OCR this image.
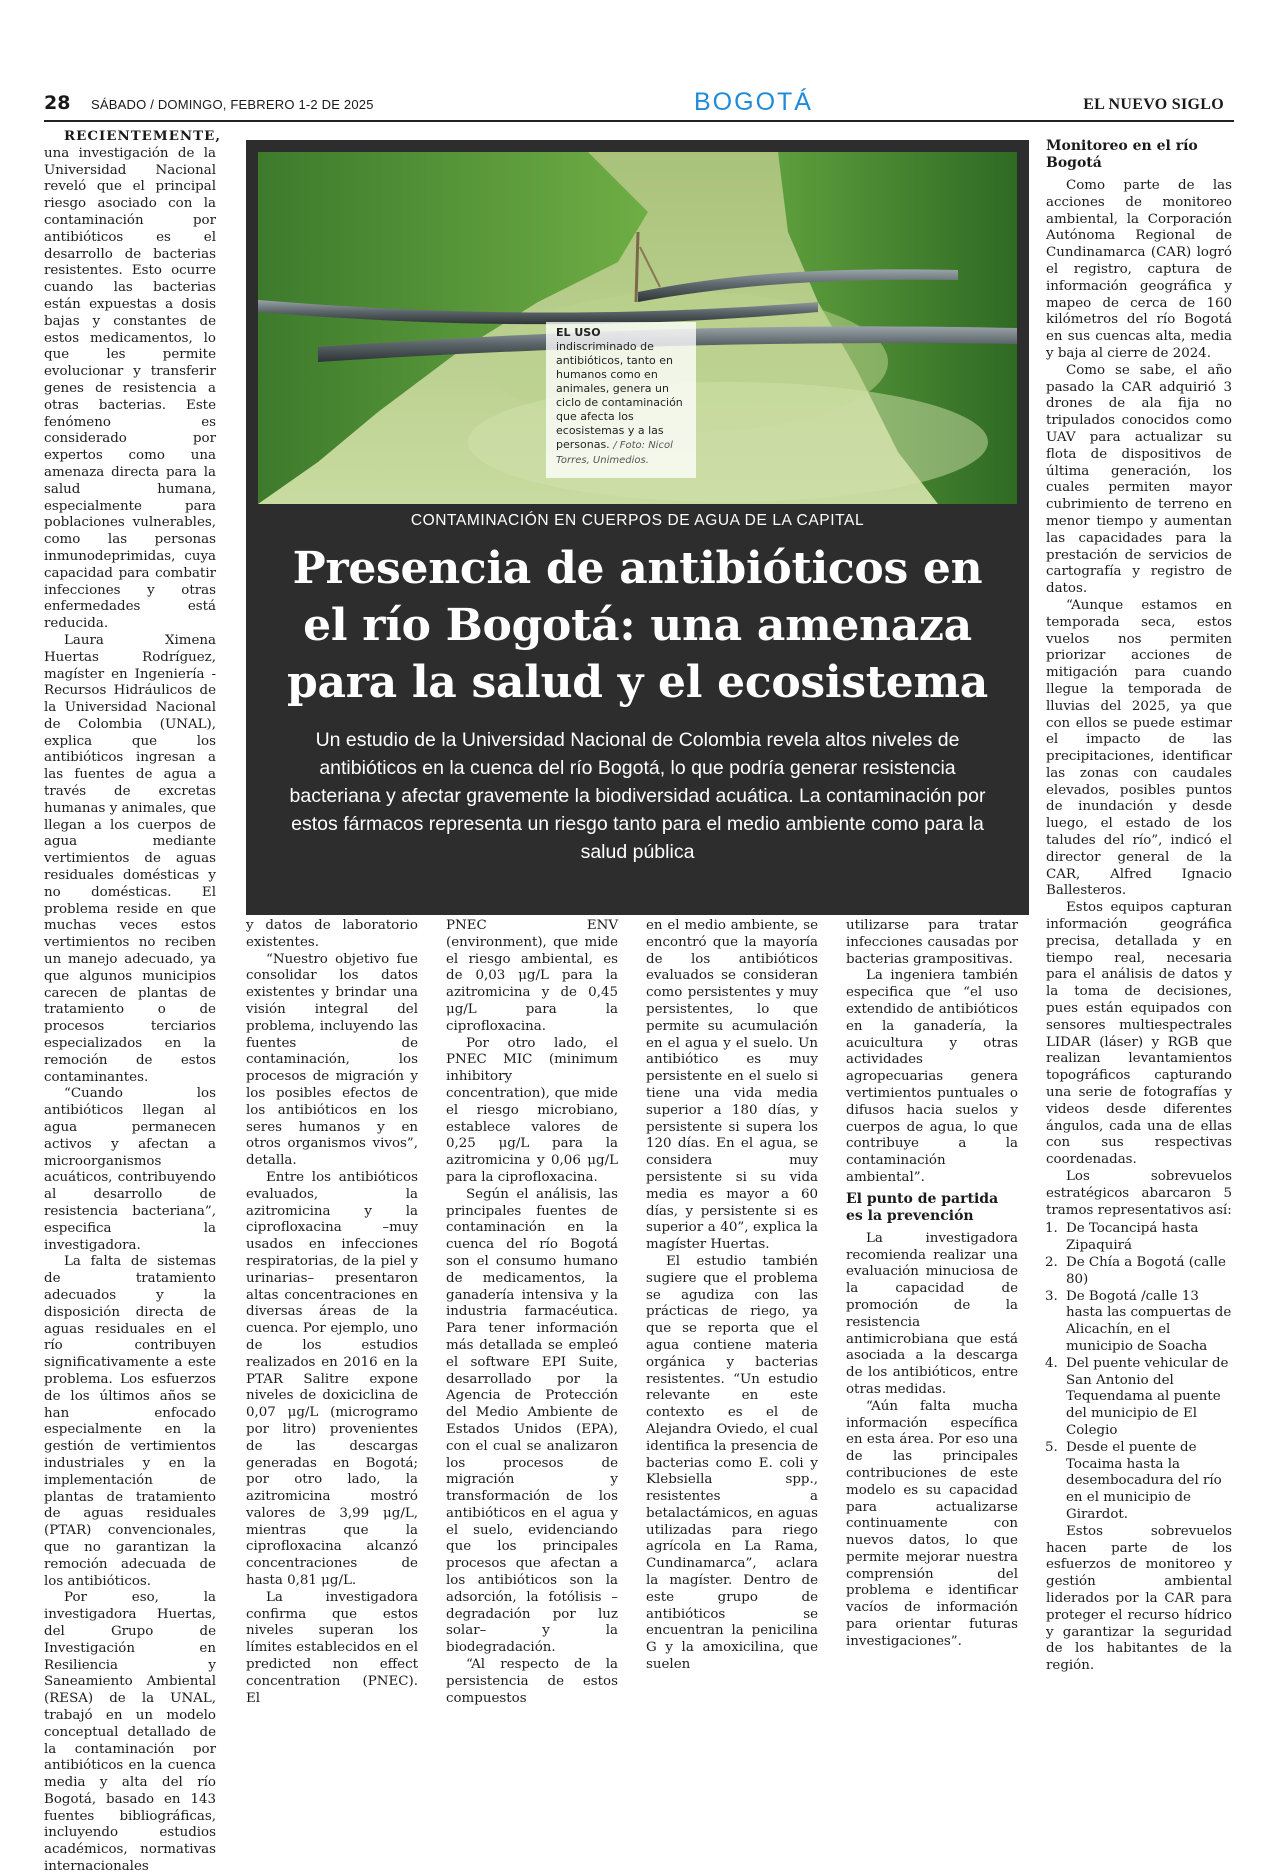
28 SÁBADO / DOMINGO, FEBRERO 1-2 DE 2025	BOGOTÁ	EL NUEVO SIGLO

RECIENTEMENTE, una investigación de la Universidad Nacional reveló que el principal riesgo asociado con la contaminación por antibióticos es el desarrollo de bacterias resistentes. Esto ocurre cuando las bacterias están expuestas a dosis bajas y constantes de estos medicamentos, lo que les permite evolucionar y transferir genes de resistencia a otras bacterias. Este fenómeno es considerado por expertos como una amenaza directa para la salud humana, especialmente para poblaciones vulnerables, como las personas inmunodeprimidas, cuya capacidad para combatir infecciones y otras enfermedades está reducida.

Laura Ximena Huertas Rodríguez, magíster en Ingeniería - Recursos Hidráulicos de la Universidad Nacional de Colombia (UNAL), explica que los antibióticos ingresan a las fuentes de agua a través de excretas humanas y animales, que llegan a los cuerpos de agua mediante vertimientos de aguas residuales domésticas y no domésticas. El problema reside en que muchas veces estos vertimientos no reciben un manejo adecuado, ya que algunos municipios carecen de plantas de tratamiento o de procesos terciarios especializados en la remoción de estos contaminantes.

“Cuando los antibióticos llegan al agua permanecen activos y afectan a microorganismos acuáticos, contribuyendo al desarrollo de resistencia bacteriana”, especifica la investigadora.

La falta de sistemas de tratamiento adecuados y la disposición directa de aguas residuales en el río contribuyen significativamente a este problema. Los esfuerzos de los últimos años se han enfocado especialmente en la gestión de vertimientos industriales y en la implementación de plantas de tratamiento de aguas residuales (PTAR) convencionales, que no garantizan la remoción adecuada de los antibióticos.

Por eso, la investigadora Huertas, del Grupo de Investigación en Resiliencia y Saneamiento Ambiental (RESA) de la UNAL, trabajó en un modelo conceptual detallado de la contaminación por antibióticos en la cuenca media y alta del río Bogotá, basado en 143 fuentes bibliográficas, incluyendo estudios académicos, normativas internacionales

EL USO
indiscriminado de antibióticos, tanto en humanos como en animales, genera un ciclo de contaminación que afecta los ecosistemas y a las personas. / Foto: Nicol Torres, Unimedios.
CONTAMINACIÓN EN CUERPOS DE AGUA DE LA CAPITAL
Presencia de antibióticos en el río Bogotá: una amenaza para la salud y el ecosistema
Un estudio de la Universidad Nacional de Colombia revela altos niveles de antibióticos en la cuenca del río Bogotá, lo que podría generar resistencia bacteriana y afectar gravemente la biodiversidad acuática. La contaminación por estos fármacos representa un riesgo tanto para el medio ambiente como para la salud pública

y datos de laboratorio existentes.

“Nuestro objetivo fue consolidar los datos existentes y brindar una visión integral del problema, incluyendo las fuentes de contaminación, los procesos de migración y los posibles efectos de los antibióticos en los seres humanos y en otros organismos vivos”, detalla.

Entre los antibióticos evaluados, la azitromicina y la ciprofloxacina –muy usados en infecciones respiratorias, de la piel y urinarias– presentaron altas concentraciones en diversas áreas de la cuenca. Por ejemplo, uno de los estudios realizados en 2016 en la PTAR Salitre expone niveles de doxiciclina de 0,07 μg/L (microgramo por litro) provenientes de las descargas generadas en Bogotá; por otro lado, la azitromicina mostró valores de 3,99 μg/L, mientras que la ciprofloxacina alcanzó concentraciones de hasta 0,81 μg/L.

La investigadora confirma que estos niveles superan los límites establecidos en el predicted non effect concentration (PNEC). El

PNEC ENV (environment), que mide el riesgo ambiental, es de 0,03 μg/L para la azitromicina y de 0,45 μg/L para la ciprofloxacina.

Por otro lado, el PNEC MIC (minimum inhibitory concentration), que mide el riesgo microbiano, establece valores de 0,25 μg/L para la azitromicina y 0,06 μg/L para la ciprofloxacina.

Según el análisis, las principales fuentes de contaminación en la cuenca del río Bogotá son el consumo humano de medicamentos, la ganadería intensiva y la industria farmacéutica. Para tener información más detallada se empleó el software EPI Suite, desarrollado por la Agencia de Protección del Medio Ambiente de Estados Unidos (EPA), con el cual se analizaron los procesos de migración y transformación de los antibióticos en el agua y el suelo, evidenciando que los principales procesos que afectan a los antibióticos son la adsorción, la fotólisis –degradación por luz solar– y la biodegradación.

“Al respecto de la persistencia de estos compuestos

en el medio ambiente, se encontró que la mayoría de los antibióticos evaluados se consideran como persistentes y muy persistentes, lo que permite su acumulación en el agua y el suelo. Un antibiótico es muy persistente en el suelo si tiene una vida media superior a 180 días, y persistente si supera los 120 días. En el agua, se considera muy persistente si su vida media es mayor a 60 días, y persistente si es superior a 40”, explica la magíster Huertas.

El estudio también sugiere que el problema se agudiza con las prácticas de riego, ya que se reporta que el agua contiene materia orgánica y bacterias resistentes. “Un estudio relevante en este contexto es el de Alejandra Oviedo, el cual identifica la presencia de bacterias como E. coli y Klebsiella spp., resistentes a betalactámicos, en aguas utilizadas para riego agrícola en La Rama, Cundinamarca”, aclara la magíster. Dentro de este grupo de antibióticos se encuentran la penicilina G y la amoxicilina, que suelen

utilizarse para tratar infecciones causadas por bacterias grampositivas.

La ingeniera también especifica que “el uso extendido de antibióticos en la ganadería, la acuicultura y otras actividades agropecuarias genera vertimientos puntuales o difusos hacia suelos y cuerpos de agua, lo que contribuye a la contaminación ambiental”.

El punto de partida es la prevención

La investigadora recomienda realizar una evaluación minuciosa de la capacidad de promoción de la resistencia antimicrobiana que está asociada a la descarga de los antibióticos, entre otras medidas.

“Aún falta mucha información específica en esta área. Por eso una de las principales contribuciones de este modelo es su capacidad para actualizarse continuamente con nuevos datos, lo que permite mejorar nuestra comprensión del problema e identificar vacíos de información para orientar futuras investigaciones”.

Monitoreo en el río Bogotá

Como parte de las acciones de monitoreo ambiental, la Corporación Autónoma Regional de Cundinamarca (CAR) logró el registro, captura de información geográfica y mapeo de cerca de 160 kilómetros del río Bogotá en sus cuencas alta, media y baja al cierre de 2024.

Como se sabe, el año pasado la CAR adquirió 3 drones de ala fija no tripulados conocidos como UAV para actualizar su flota de dispositivos de última generación, los cuales permiten mayor cubrimiento de terreno en menor tiempo y aumentan las capacidades para la prestación de servicios de cartografía y registro de datos.

“Aunque estamos en temporada seca, estos vuelos nos permiten priorizar acciones de mitigación para cuando llegue la temporada de lluvias del 2025, ya que con ellos se puede estimar el impacto de las precipitaciones, identificar las zonas con caudales elevados, posibles puntos de inundación y desde luego, el estado de los taludes del río”, indicó el director general de la CAR, Alfred Ignacio Ballesteros.

Estos equipos capturan información geográfica precisa, detallada y en tiempo real, necesaria para el análisis de datos y la toma de decisiones, pues están equipados con sensores multiespectrales LIDAR (láser) y RGB que realizan levantamientos topográficos capturando una serie de fotografías y videos desde diferentes ángulos, cada una de ellas con sus respectivas coordenadas.

Los sobrevuelos estratégicos abarcaron 5 tramos representativos así:

1. De Tocancipá hasta Zipaquirá
2. De Chía a Bogotá (calle 80)
3. De Bogotá /calle 13 hasta las compuertas de Alicachín, en el municipio de Soacha
4. Del puente vehicular de San Antonio del Tequendama al puente del municipio de El Colegio
5. Desde el puente de Tocaima hasta la desembocadura del río en el municipio de Girardot.

Estos sobrevuelos hacen parte de los esfuerzos de monitoreo y gestión ambiental liderados por la CAR para proteger el recurso hídrico y garantizar la seguridad de los habitantes de la región.
